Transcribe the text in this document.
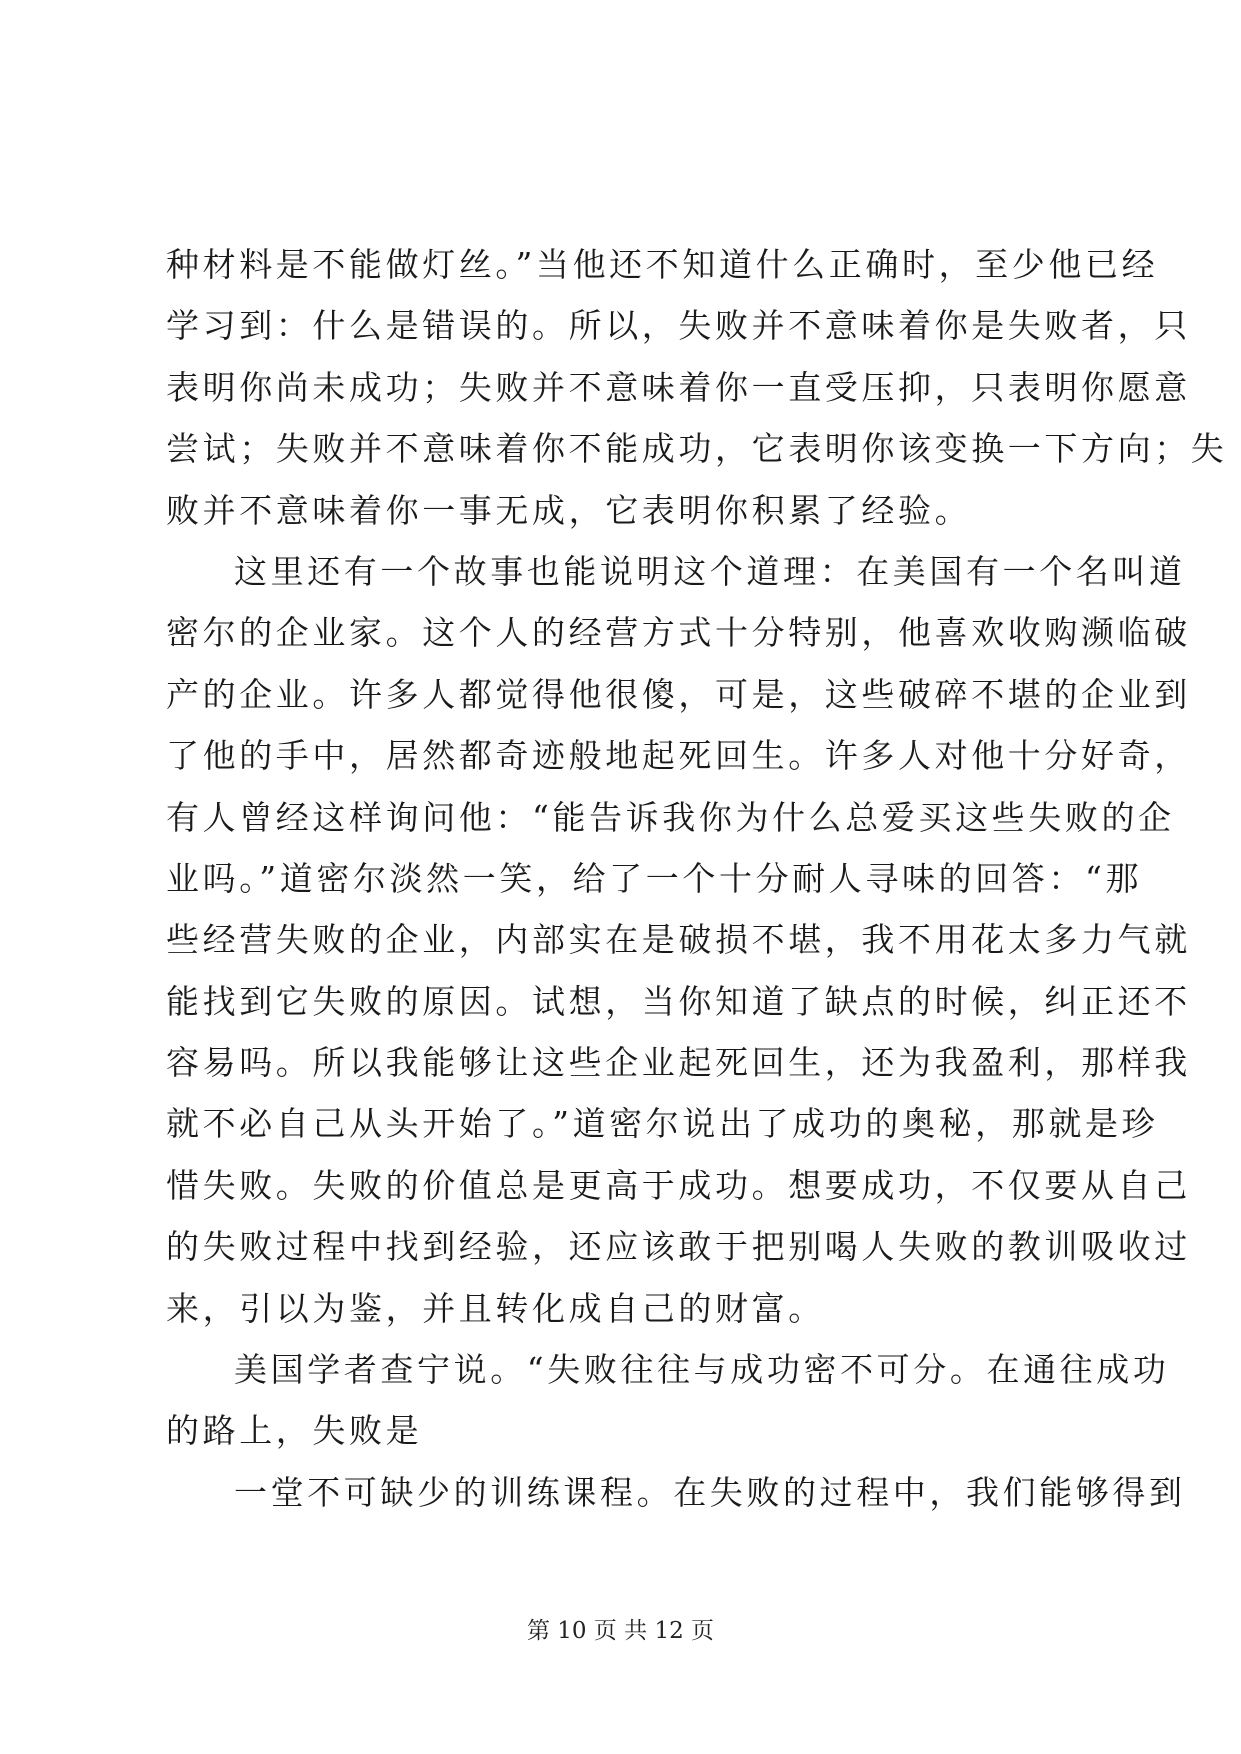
种材料是不能做灯丝。”当他还不知道什么正确时，至少他已经
学习到：什么是错误的。所以，失败并不意味着你是失败者，只
表明你尚未成功；失败并不意味着你一直受压抑，只表明你愿意
尝试；失败并不意味着你不能成功，它表明你该变换一下方向；失
败并不意味着你一事无成，它表明你积累了经验。
这里还有一个故事也能说明这个道理：在美国有一个名叫道
密尔的企业家。这个人的经营方式十分特别，他喜欢收购濒临破
产的企业。许多人都觉得他很傻，可是，这些破碎不堪的企业到
了他的手中，居然都奇迹般地起死回生。许多人对他十分好奇，
有人曾经这样询问他：“能告诉我你为什么总爱买这些失败的企
业吗。”道密尔淡然一笑，给了一个十分耐人寻味的回答：“那
些经营失败的企业，内部实在是破损不堪，我不用花太多力气就
能找到它失败的原因。试想，当你知道了缺点的时候，纠正还不
容易吗。所以我能够让这些企业起死回生，还为我盈利，那样我
就不必自己从头开始了。”道密尔说出了成功的奥秘，那就是珍
惜失败。失败的价值总是更高于成功。想要成功，不仅要从自己
的失败过程中找到经验，还应该敢于把别喝人失败的教训吸收过
来，引以为鉴，并且转化成自己的财富。
美国学者查宁说。“失败往往与成功密不可分。在通往成功
的路上，失败是
一堂不可缺少的训练课程。在失败的过程中，我们能够得到
第 10 页 共 12 页
